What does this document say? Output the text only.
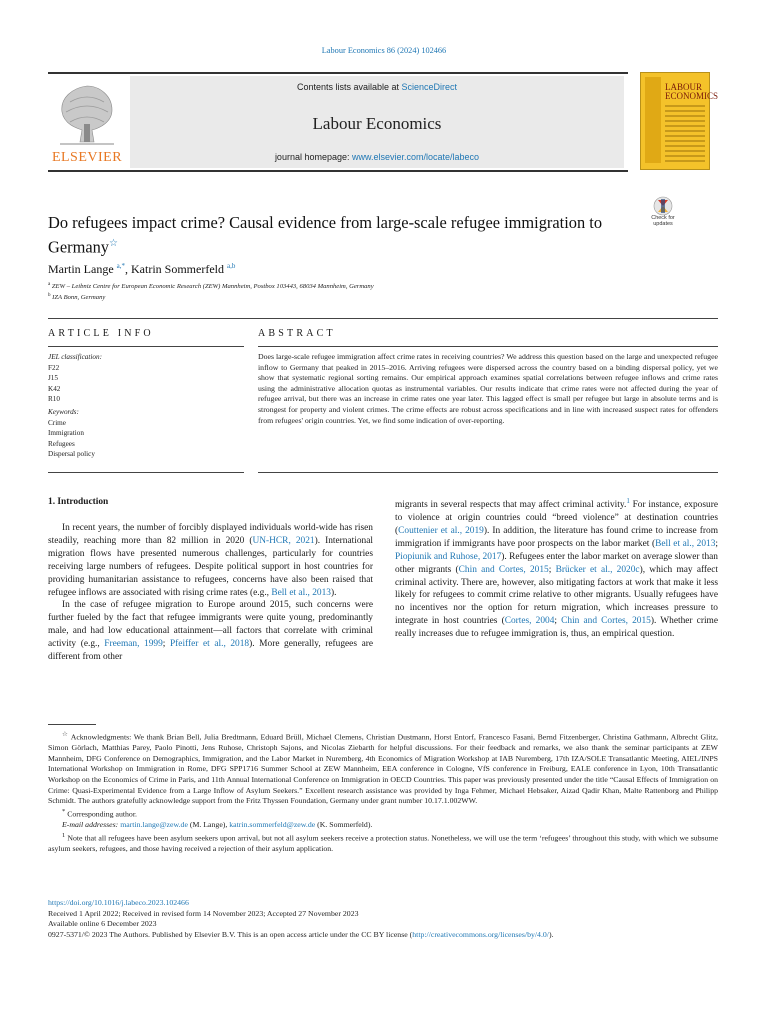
Labour Economics 86 (2024) 102466
ELSEVIER
Contents lists available at ScienceDirect
Labour Economics
journal homepage: www.elsevier.com/locate/labeco
LABOUR
ECONOMICS
Check for
updates
Do refugees impact crime? Causal evidence from large-scale refugee immigration to Germany☆
Martin Lange $^{a,*}$, Katrin Sommerfeld $^{a,b}$
$^a$ ZEW – Leibniz Centre for European Economic Research (ZEW) Mannheim, Postbox 103443, 68034 Mannheim, Germany
$^b$ IZA Bonn, Germany
ARTICLE INFO	ABSTRACT
JEL classification:
F22
J15
K42
R10
Keywords:
Crime
Immigration
Refugees
Dispersal policy
Does large-scale refugee immigration affect crime rates in receiving countries? We address this question based on the large and unexpected refugee inflow to Germany that peaked in 2015–2016. Arriving refugees were dispersed across the country based on a binding dispersal policy, yet we show that systematic regional sorting remains. Our empirical approach examines spatial correlations between refugee inflows and crime rates using the administrative allocation quotas as instrumental variables. Our results indicate that crime rates were not affected during the year of refugee arrival, but there was an increase in crime rates one year later. This lagged effect is small per refugee but large in absolute terms and is strongest for property and violent crimes. The crime effects are robust across specifications and in line with increased suspect rates for offenders from refugees' origin countries. Yet, we find some indication of over-reporting.
1. Introduction

In recent years, the number of forcibly displayed individuals world-wide has risen steadily, reaching more than 82 million in 2020 (UN-HCR, 2021). International migration flows have presented numerous challenges, particularly for countries receiving large numbers of refugees. Despite political support in host countries for providing humanitarian assistance to refugees, concerns have also been raised that refugee inflows are associated with rising crime rates (e.g., Bell et al., 2013).

In the case of refugee migration to Europe around 2015, such concerns were further fueled by the fact that refugee immigrants were quite young, predominantly male, and had low educational attainment—all factors that correlate with criminal activity (e.g., Freeman, 1999; Pfeiffer et al., 2018). More generally, refugees are different from other

migrants in several respects that may affect criminal activity.$^1$ For instance, exposure to violence at origin countries could “breed violence” at destination countries (Couttenier et al., 2019). In addition, the literature has found crime to increase from immigration if immigrants have poor prospects on the labor market (Bell et al., 2013; Piopiunik and Ruhose, 2017). Refugees enter the labor market on average slower than other migrants (Chin and Cortes, 2015; Brücker et al., 2020c), which may affect criminal activity. There are, however, also mitigating factors at work that make it less likely for refugees to commit crime relative to other migrants. Usually refugees have no incentives nor the option for return migration, which increases pressure to integrate in host countries (Cortes, 2004; Chin and Cortes, 2015). Whether crime really increases due to refugee immigration is, thus, an empirical question.

☆ Acknowledgments: We thank Brian Bell, Julia Bredtmann, Eduard Brüll, Michael Clemens, Christian Dustmann, Horst Entorf, Francesco Fasani, Bernd Fitzenberger, Christina Gathmann, Albrecht Glitz, Simon Görlach, Matthias Parey, Paolo Pinotti, Jens Ruhose, Christoph Sajons, and Nicolas Ziebarth for helpful discussions. For their feedback and remarks, we also thank the seminar participants at ZEW Mannheim, DFG Conference on Demographics, Immigration, and the Labor Market in Nuremberg, 4th Economics of Migration Workshop at IAB Nuremberg, 17th IZA/SOLE Transatlantic Meeting, AIEL/INPS International Workshop on Immigration in Rome, DFG SPP1716 Summer School at ZEW Mannheim, EEA conference in Cologne, VfS conference in Freiburg, EALE conference in Lyon, 10th Transatlantic Workshop on the Economics of Crime in Paris, and 11th Annual International Conference on Immigration in OECD Countries. This paper was previously presented under the title “Causal Effects of Immigration on Crime: Quasi-Experimental Evidence from a Large Inflow of Asylum Seekers.” Excellent research assistance was provided by Inga Fehmer, Michael Hebsaker, Aizad Qadir Khan, Malte Rattenborg and Philipp Schmidt. The authors gratefully acknowledge support from the Fritz Thyssen Foundation, Germany under grant number 10.17.1.002WW.

* Corresponding author.

E-mail addresses: martin.lange@zew.de (M. Lange), katrin.sommerfeld@zew.de (K. Sommerfeld).

$^1$ Note that all refugees have been asylum seekers upon arrival, but not all asylum seekers receive a protection status. Nonetheless, we will use the term ‘refugees’ throughout this study, with which we subsume asylum seekers, refugees, and those having received a rejection of their asylum application.

https://doi.org/10.1016/j.labeco.2023.102466

Received 1 April 2022; Received in revised form 14 November 2023; Accepted 27 November 2023

Available online 6 December 2023

0927-5371/© 2023 The Authors. Published by Elsevier B.V. This is an open access article under the CC BY license (http://creativecommons.org/licenses/by/4.0/).
